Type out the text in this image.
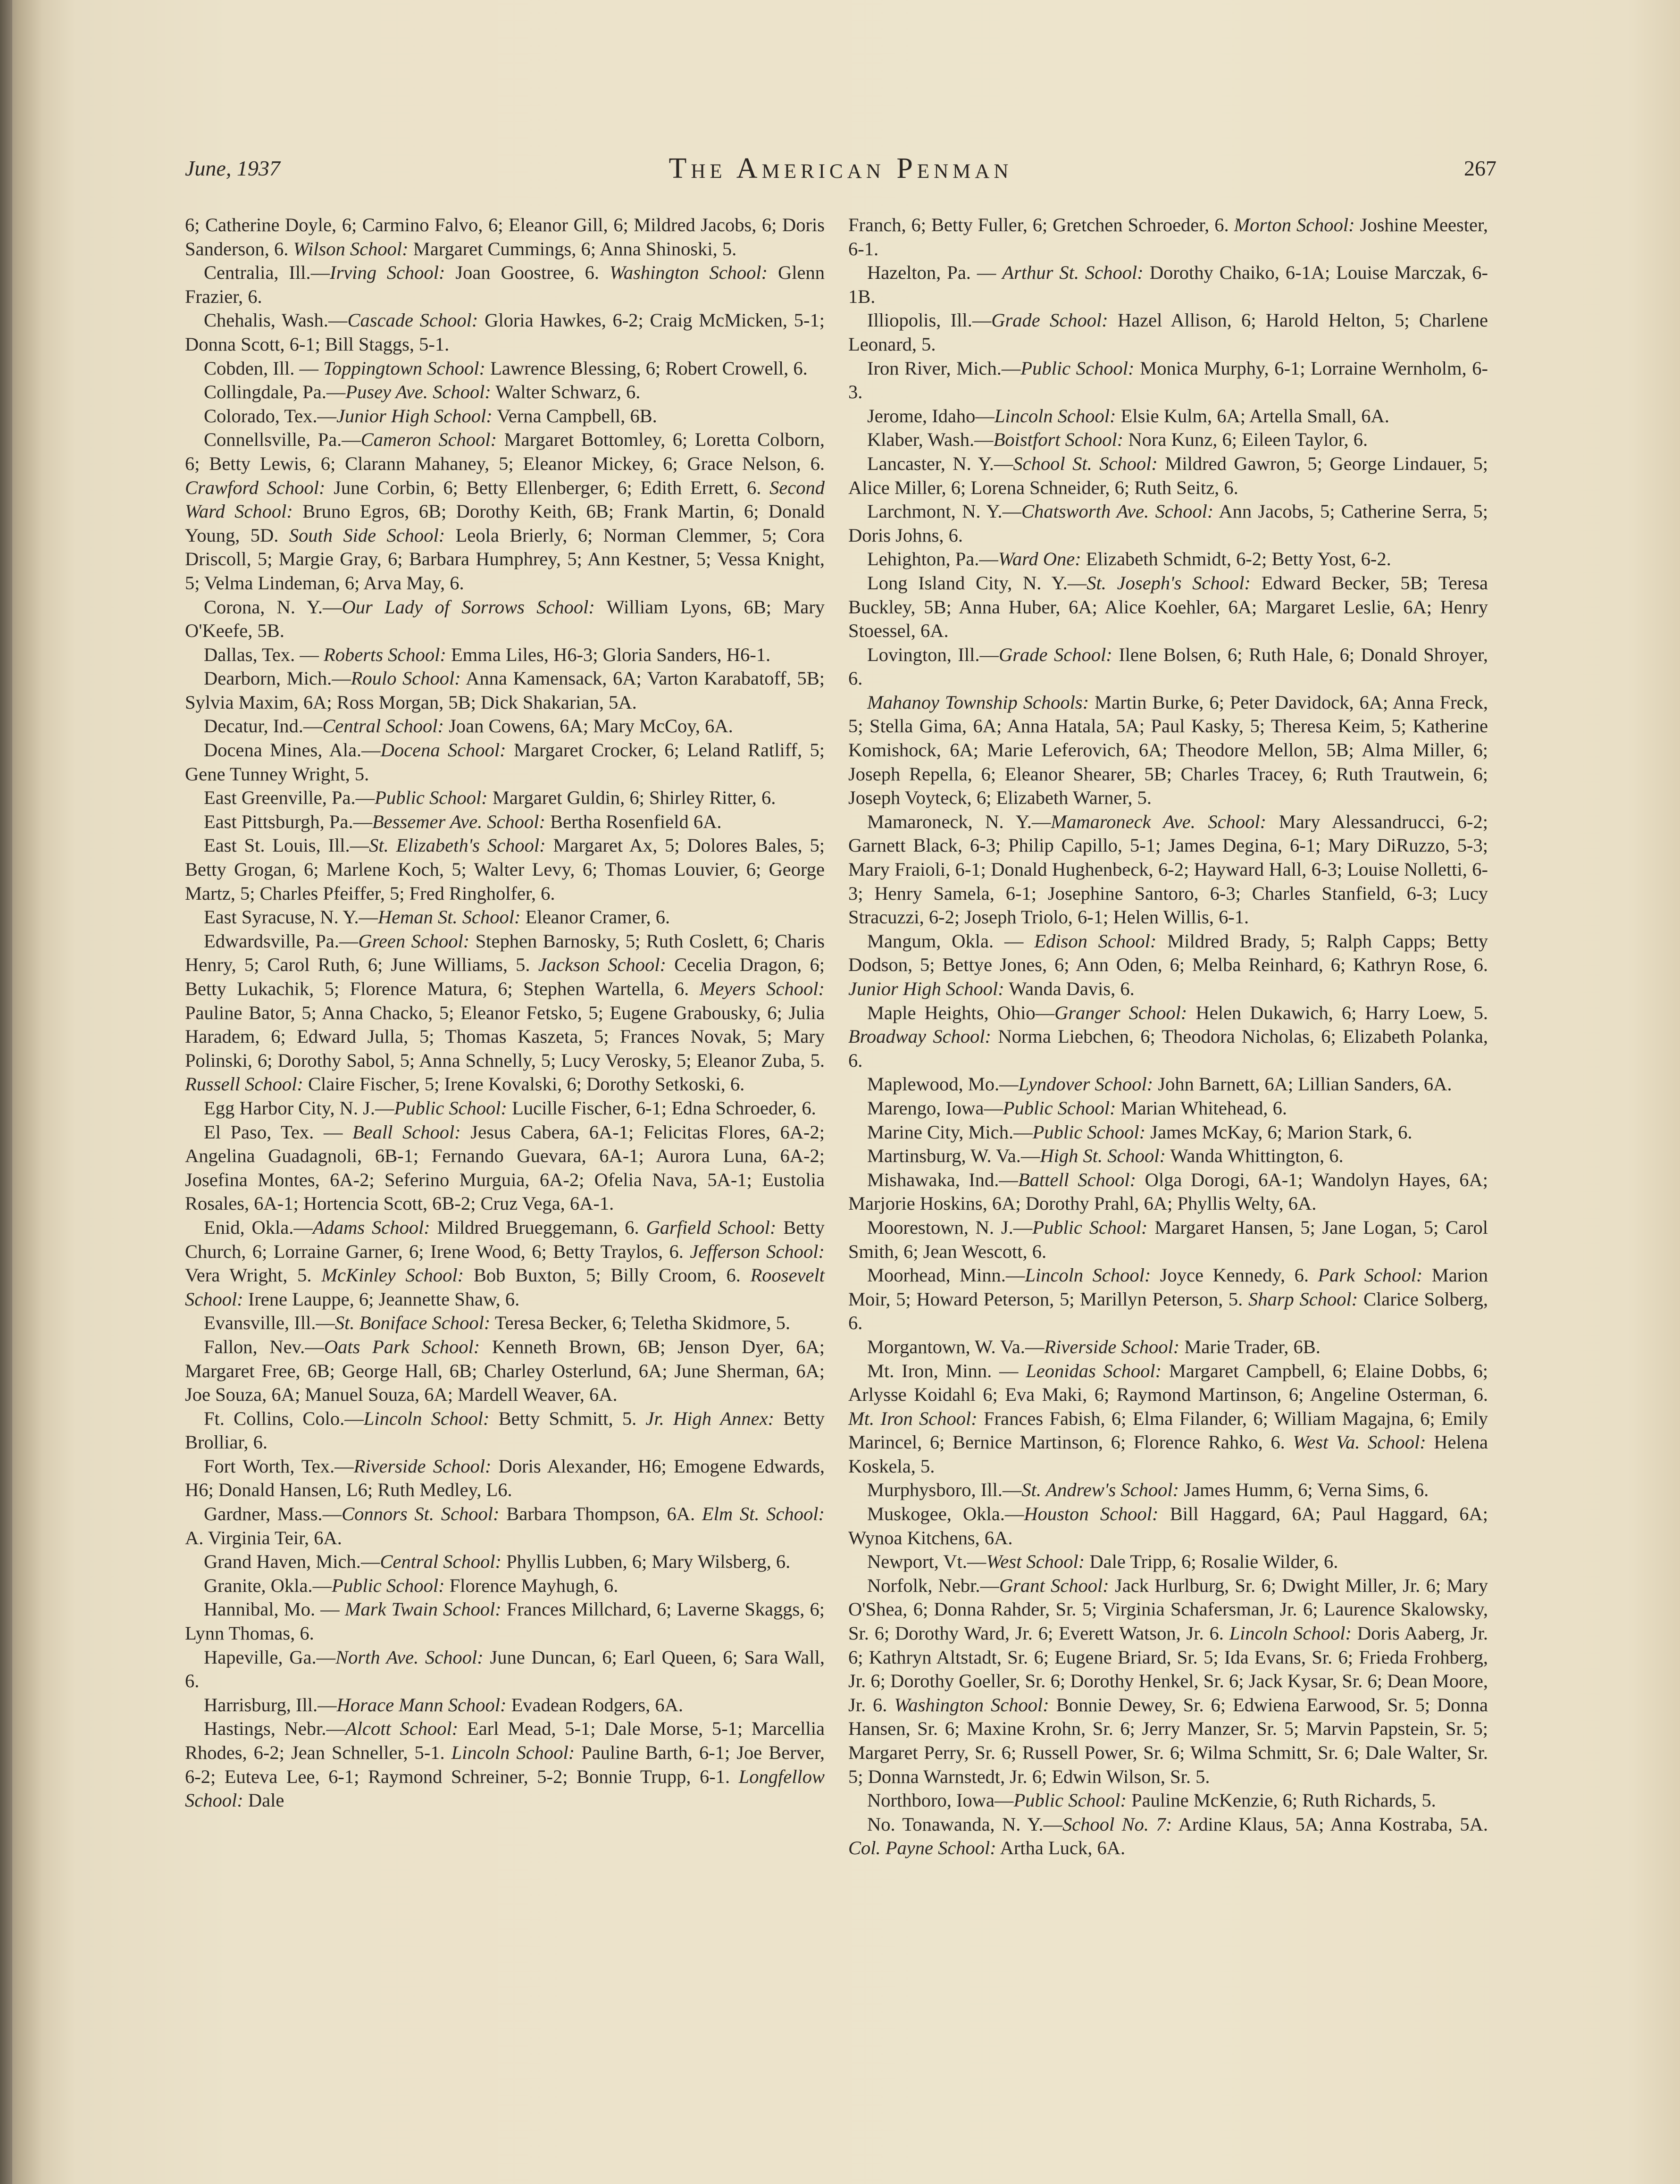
June, 1937	The American Penman	267

6; Catherine Doyle, 6; Carmino Falvo, 6; Eleanor Gill, 6; Mildred Jacobs, 6; Doris Sanderson, 6. Wilson School: Margaret Cummings, 6; Anna Shinoski, 5.

Centralia, Ill.—Irving School: Joan Goostree, 6. Washington School: Glenn Frazier, 6.

Chehalis, Wash.—Cascade School: Gloria Hawkes, 6-2; Craig McMicken, 5-1; Donna Scott, 6-1; Bill Staggs, 5-1.

Cobden, Ill. — Toppingtown School: Lawrence Blessing, 6; Robert Crowell, 6.

Collingdale, Pa.—Pusey Ave. School: Walter Schwarz, 6.

Colorado, Tex.—Junior High School: Verna Campbell, 6B.

Connellsville, Pa.—Cameron School: Margaret Bottomley, 6; Loretta Colborn, 6; Betty Lewis, 6; Clarann Mahaney, 5; Eleanor Mickey, 6; Grace Nelson, 6. Crawford School: June Corbin, 6; Betty Ellenberger, 6; Edith Errett, 6. Second Ward School: Bruno Egros, 6B; Dorothy Keith, 6B; Frank Martin, 6; Donald Young, 5D. South Side School: Leola Brierly, 6; Norman Clemmer, 5; Cora Driscoll, 5; Margie Gray, 6; Barbara Humphrey, 5; Ann Kestner, 5; Vessa Knight, 5; Velma Lindeman, 6; Arva May, 6.

Corona, N. Y.—Our Lady of Sorrows School: William Lyons, 6B; Mary O'Keefe, 5B.

Dallas, Tex. — Roberts School: Emma Liles, H6-3; Gloria Sanders, H6-1.

Dearborn, Mich.—Roulo School: Anna Kamensack, 6A; Varton Karabatoff, 5B; Sylvia Maxim, 6A; Ross Morgan, 5B; Dick Shakarian, 5A.

Decatur, Ind.—Central School: Joan Cowens, 6A; Mary McCoy, 6A.

Docena Mines, Ala.—Docena School: Margaret Crocker, 6; Leland Ratliff, 5; Gene Tunney Wright, 5.

East Greenville, Pa.—Public School: Margaret Guldin, 6; Shirley Ritter, 6.

East Pittsburgh, Pa.—Bessemer Ave. School: Bertha Rosenfield 6A.

East St. Louis, Ill.—St. Elizabeth's School: Margaret Ax, 5; Dolores Bales, 5; Betty Grogan, 6; Marlene Koch, 5; Walter Levy, 6; Thomas Louvier, 6; George Martz, 5; Charles Pfeiffer, 5; Fred Ringholfer, 6.

East Syracuse, N. Y.—Heman St. School: Eleanor Cramer, 6.

Edwardsville, Pa.—Green School: Stephen Barnosky, 5; Ruth Coslett, 6; Charis Henry, 5; Carol Ruth, 6; June Williams, 5. Jackson School: Cecelia Dragon, 6; Betty Lukachik, 5; Florence Matura, 6; Stephen Wartella, 6. Meyers School: Pauline Bator, 5; Anna Chacko, 5; Eleanor Fetsko, 5; Eugene Grabousky, 6; Julia Haradem, 6; Edward Julla, 5; Thomas Kaszeta, 5; Frances Novak, 5; Mary Polinski, 6; Dorothy Sabol, 5; Anna Schnelly, 5; Lucy Verosky, 5; Eleanor Zuba, 5. Russell School: Claire Fischer, 5; Irene Kovalski, 6; Dorothy Setkoski, 6.

Egg Harbor City, N. J.—Public School: Lucille Fischer, 6-1; Edna Schroeder, 6.

El Paso, Tex. — Beall School: Jesus Cabera, 6A-1; Felicitas Flores, 6A-2; Angelina Guadagnoli, 6B-1; Fernando Guevara, 6A-1; Aurora Luna, 6A-2; Josefina Montes, 6A-2; Seferino Murguia, 6A-2; Ofelia Nava, 5A-1; Eustolia Rosales, 6A-1; Hortencia Scott, 6B-2; Cruz Vega, 6A-1.

Enid, Okla.—Adams School: Mildred Brueggemann, 6. Garfield School: Betty Church, 6; Lorraine Garner, 6; Irene Wood, 6; Betty Traylos, 6. Jefferson School: Vera Wright, 5. McKinley School: Bob Buxton, 5; Billy Croom, 6. Roosevelt School: Irene Lauppe, 6; Jeannette Shaw, 6.

Evansville, Ill.—St. Boniface School: Teresa Becker, 6; Teletha Skidmore, 5.

Fallon, Nev.—Oats Park School: Kenneth Brown, 6B; Jenson Dyer, 6A; Margaret Free, 6B; George Hall, 6B; Charley Osterlund, 6A; June Sherman, 6A; Joe Souza, 6A; Manuel Souza, 6A; Mardell Weaver, 6A.

Ft. Collins, Colo.—Lincoln School: Betty Schmitt, 5. Jr. High Annex: Betty Brolliar, 6.

Fort Worth, Tex.—Riverside School: Doris Alexander, H6; Emogene Edwards, H6; Donald Hansen, L6; Ruth Medley, L6.

Gardner, Mass.—Connors St. School: Barbara Thompson, 6A. Elm St. School: A. Virginia Teir, 6A.

Grand Haven, Mich.—Central School: Phyllis Lubben, 6; Mary Wilsberg, 6.

Granite, Okla.—Public School: Florence Mayhugh, 6.

Hannibal, Mo. — Mark Twain School: Frances Millchard, 6; Laverne Skaggs, 6; Lynn Thomas, 6.

Hapeville, Ga.—North Ave. School: June Duncan, 6; Earl Queen, 6; Sara Wall, 6.

Harrisburg, Ill.—Horace Mann School: Evadean Rodgers, 6A.

Hastings, Nebr.—Alcott School: Earl Mead, 5-1; Dale Morse, 5-1; Marcellia Rhodes, 6-2; Jean Schneller, 5-1. Lincoln School: Pauline Barth, 6-1; Joe Berver, 6-2; Euteva Lee, 6-1; Raymond Schreiner, 5-2; Bonnie Trupp, 6-1. Longfellow School: Dale

Franch, 6; Betty Fuller, 6; Gretchen Schroeder, 6. Morton School: Joshine Meester, 6-1.

Hazelton, Pa. — Arthur St. School: Dorothy Chaiko, 6-1A; Louise Marczak, 6-1B.

Illiopolis, Ill.—Grade School: Hazel Allison, 6; Harold Helton, 5; Charlene Leonard, 5.

Iron River, Mich.—Public School: Monica Murphy, 6-1; Lorraine Wernholm, 6-3.

Jerome, Idaho—Lincoln School: Elsie Kulm, 6A; Artella Small, 6A.

Klaber, Wash.—Boistfort School: Nora Kunz, 6; Eileen Taylor, 6.

Lancaster, N. Y.—School St. School: Mildred Gawron, 5; George Lindauer, 5; Alice Miller, 6; Lorena Schneider, 6; Ruth Seitz, 6.

Larchmont, N. Y.—Chatsworth Ave. School: Ann Jacobs, 5; Catherine Serra, 5; Doris Johns, 6.

Lehighton, Pa.—Ward One: Elizabeth Schmidt, 6-2; Betty Yost, 6-2.

Long Island City, N. Y.—St. Joseph's School: Edward Becker, 5B; Teresa Buckley, 5B; Anna Huber, 6A; Alice Koehler, 6A; Margaret Leslie, 6A; Henry Stoessel, 6A.

Lovington, Ill.—Grade School: Ilene Bolsen, 6; Ruth Hale, 6; Donald Shroyer, 6.

Mahanoy Township Schools: Martin Burke, 6; Peter Davidock, 6A; Anna Freck, 5; Stella Gima, 6A; Anna Hatala, 5A; Paul Kasky, 5; Theresa Keim, 5; Katherine Komishock, 6A; Marie Leferovich, 6A; Theodore Mellon, 5B; Alma Miller, 6; Joseph Repella, 6; Eleanor Shearer, 5B; Charles Tracey, 6; Ruth Trautwein, 6; Joseph Voyteck, 6; Elizabeth Warner, 5.

Mamaroneck, N. Y.—Mamaroneck Ave. School: Mary Alessandrucci, 6-2; Garnett Black, 6-3; Philip Capillo, 5-1; James Degina, 6-1; Mary DiRuzzo, 5-3; Mary Fraioli, 6-1; Donald Hughenbeck, 6-2; Hayward Hall, 6-3; Louise Nolletti, 6-3; Henry Samela, 6-1; Josephine Santoro, 6-3; Charles Stanfield, 6-3; Lucy Stracuzzi, 6-2; Joseph Triolo, 6-1; Helen Willis, 6-1.

Mangum, Okla. — Edison School: Mildred Brady, 5; Ralph Capps; Betty Dodson, 5; Bettye Jones, 6; Ann Oden, 6; Melba Reinhard, 6; Kathryn Rose, 6. Junior High School: Wanda Davis, 6.

Maple Heights, Ohio—Granger School: Helen Dukawich, 6; Harry Loew, 5. Broadway School: Norma Liebchen, 6; Theodora Nicholas, 6; Elizabeth Polanka, 6.

Maplewood, Mo.—Lyndover School: John Barnett, 6A; Lillian Sanders, 6A.

Marengo, Iowa—Public School: Marian Whitehead, 6.

Marine City, Mich.—Public School: James McKay, 6; Marion Stark, 6.

Martinsburg, W. Va.—High St. School: Wanda Whittington, 6.

Mishawaka, Ind.—Battell School: Olga Dorogi, 6A-1; Wandolyn Hayes, 6A; Marjorie Hoskins, 6A; Dorothy Prahl, 6A; Phyllis Welty, 6A.

Moorestown, N. J.—Public School: Margaret Hansen, 5; Jane Logan, 5; Carol Smith, 6; Jean Wescott, 6.

Moorhead, Minn.—Lincoln School: Joyce Kennedy, 6. Park School: Marion Moir, 5; Howard Peterson, 5; Marillyn Peterson, 5. Sharp School: Clarice Solberg, 6.

Morgantown, W. Va.—Riverside School: Marie Trader, 6B.

Mt. Iron, Minn. — Leonidas School: Margaret Campbell, 6; Elaine Dobbs, 6; Arlysse Koidahl 6; Eva Maki, 6; Raymond Martinson, 6; Angeline Osterman, 6. Mt. Iron School: Frances Fabish, 6; Elma Filander, 6; William Magajna, 6; Emily Marincel, 6; Bernice Martinson, 6; Florence Rahko, 6. West Va. School: Helena Koskela, 5.

Murphysboro, Ill.—St. Andrew's School: James Humm, 6; Verna Sims, 6.

Muskogee, Okla.—Houston School: Bill Haggard, 6A; Paul Haggard, 6A; Wynoa Kitchens, 6A.

Newport, Vt.—West School: Dale Tripp, 6; Rosalie Wilder, 6.

Norfolk, Nebr.—Grant School: Jack Hurlburg, Sr. 6; Dwight Miller, Jr. 6; Mary O'Shea, 6; Donna Rahder, Sr. 5; Virginia Schafersman, Jr. 6; Laurence Skalowsky, Sr. 6; Dorothy Ward, Jr. 6; Everett Watson, Jr. 6. Lincoln School: Doris Aaberg, Jr. 6; Kathryn Altstadt, Sr. 6; Eugene Briard, Sr. 5; Ida Evans, Sr. 6; Frieda Frohberg, Jr. 6; Dorothy Goeller, Sr. 6; Dorothy Henkel, Sr. 6; Jack Kysar, Sr. 6; Dean Moore, Jr. 6. Washington School: Bonnie Dewey, Sr. 6; Edwiena Earwood, Sr. 5; Donna Hansen, Sr. 6; Maxine Krohn, Sr. 6; Jerry Manzer, Sr. 5; Marvin Papstein, Sr. 5; Margaret Perry, Sr. 6; Russell Power, Sr. 6; Wilma Schmitt, Sr. 6; Dale Walter, Sr. 5; Donna Warnstedt, Jr. 6; Edwin Wilson, Sr. 5.

Northboro, Iowa—Public School: Pauline McKenzie, 6; Ruth Richards, 5.

No. Tonawanda, N. Y.—School No. 7: Ardine Klaus, 5A; Anna Kostraba, 5A. Col. Payne School: Artha Luck, 6A.
